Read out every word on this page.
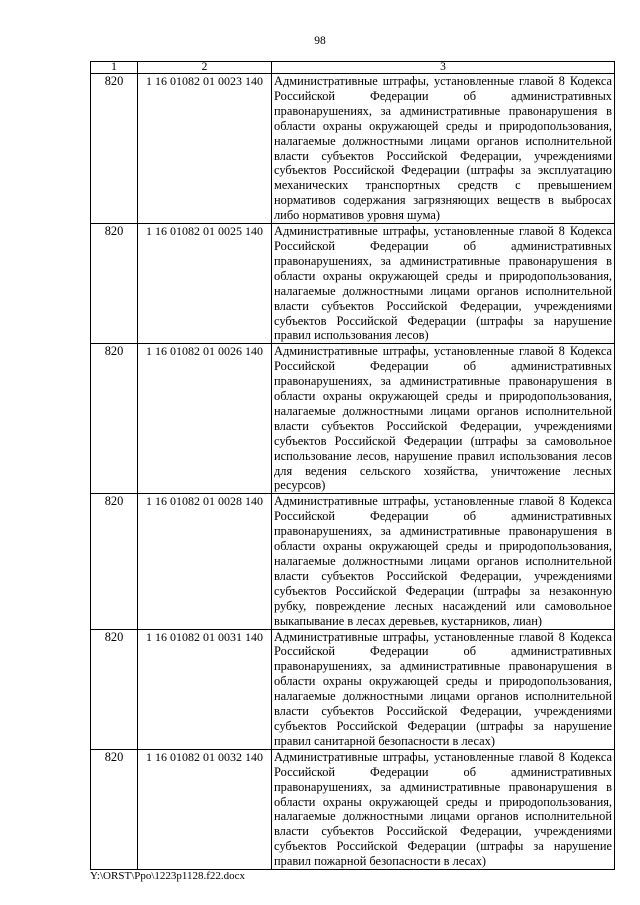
98
1	2	3
820	1 16 01082 01 0023 140	Административные штрафы, установленные главой 8 Кодекса Российской Федерации об административных правонарушениях, за административные правонарушения в области охраны окружающей среды и природопользования, налагаемые должностными лицами органов исполнительной власти субъектов Российской Федерации, учреждениями субъектов Российской Федерации (штрафы за эксплуатацию механических транспортных средств с превышением нормативов содержания загрязняющих веществ в выбросах либо нормативов уровня шума)
820	1 16 01082 01 0025 140	Административные штрафы, установленные главой 8 Кодекса Российской Федерации об административных правонарушениях, за административные правонарушения в области охраны окружающей среды и природопользования, налагаемые должностными лицами органов исполнительной власти субъектов Российской Федерации, учреждениями субъектов Российской Федерации (штрафы за нарушение правил использования лесов)
820	1 16 01082 01 0026 140	Административные штрафы, установленные главой 8 Кодекса Российской Федерации об административных правонарушениях, за административные правонарушения в области охраны окружающей среды и природопользования, налагаемые должностными лицами органов исполнительной власти субъектов Российской Федерации, учреждениями субъектов Российской Федерации (штрафы за самовольное использование лесов, нарушение правил использования лесов для ведения сельского хозяйства, уничтожение лесных ресурсов)
820	1 16 01082 01 0028 140	Административные штрафы, установленные главой 8 Кодекса Российской Федерации об административных правонарушениях, за административные правонарушения в области охраны окружающей среды и природопользования, налагаемые должностными лицами органов исполнительной власти субъектов Российской Федерации, учреждениями субъектов Российской Федерации (штрафы за незаконную рубку, повреждение лесных насаждений или самовольное выкапывание в лесах деревьев, кустарников, лиан)
820	1 16 01082 01 0031 140	Административные штрафы, установленные главой 8 Кодекса Российской Федерации об административных правонарушениях, за административные правонарушения в области охраны окружающей среды и природопользования, налагаемые должностными лицами органов исполнительной власти субъектов Российской Федерации, учреждениями субъектов Российской Федерации (штрафы за нарушение правил санитарной безопасности в лесах)
820	1 16 01082 01 0032 140	Административные штрафы, установленные главой 8 Кодекса Российской Федерации об административных правонарушениях, за административные правонарушения в области охраны окружающей среды и природопользования, налагаемые должностными лицами органов исполнительной власти субъектов Российской Федерации, учреждениями субъектов Российской Федерации (штрафы за нарушение правил пожарной безопасности в лесах)
Y:\ORST\Ppo\1223p1128.f22.docx
